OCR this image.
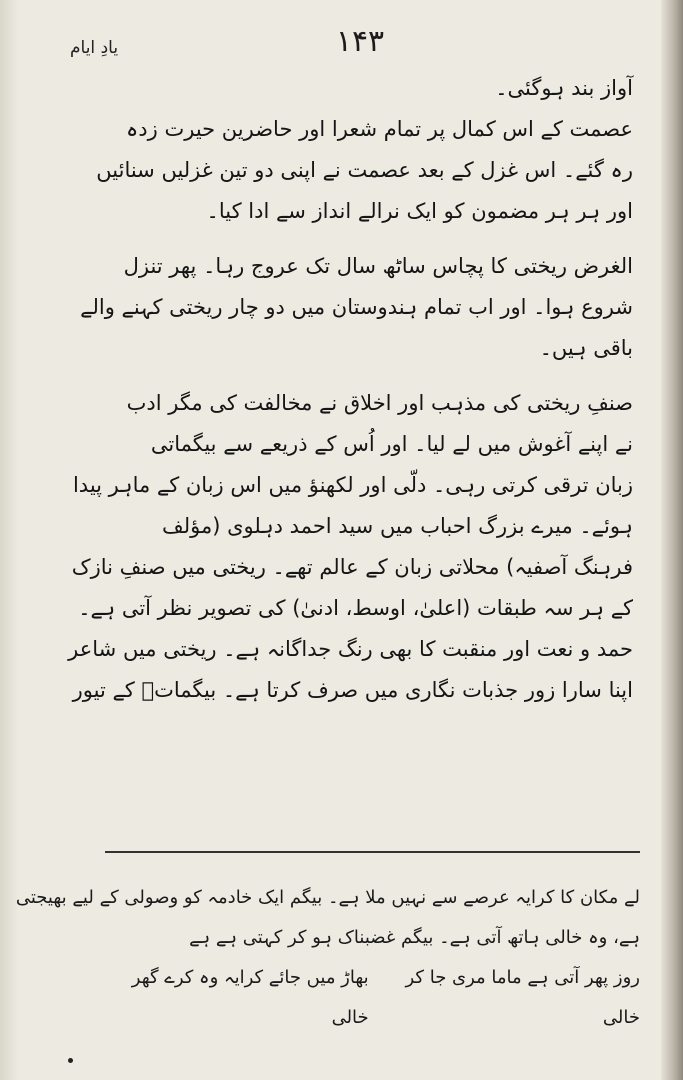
یادِ ایام	۱۴۳
آواز بند ہوگئی۔
عصمت کے اس کمال پر تمام شعرا اور حاضرین حیرت زدہ
رہ گئے۔ اس غزل کے بعد عصمت نے اپنی دو تین غزلیں سنائیں
اور ہر ہر مضمون کو ایک نرالے انداز سے ادا کیا۔
الغرض ریختی کا پچاس ساٹھ سال تک عروج رہا۔ پھر تنزل
شروع ہوا۔ اور اب تمام ہندوستان میں دو چار ریختی کہنے والے
باقی ہیں۔
صنفِ ریختی کی مذہب اور اخلاق نے مخالفت کی مگر ادب
نے اپنے آغوش میں لے لیا۔ اور اُس کے ذریعے سے بیگماتی
زبان ترقی کرتی رہی۔ دلّی اور لکھنؤ میں اس زبان کے ماہر پیدا
ہوئے۔ میرے بزرگ احباب میں سید احمد دہلوی (مؤلف
فرہنگ آصفیہ) محلاتی زبان کے عالم تھے۔ ریختی میں صنفِ نازک
کے ہر سہ طبقات (اعلیٰ، اوسط، ادنیٰ) کی تصویر نظر آتی ہے۔
حمد و نعت اور منقبت کا بھی رنگ جداگانہ ہے۔ ریختی میں شاعر
اپنا سارا زور جذبات نگاری میں صرف کرتا ہے۔ بیگماتؔ کے تیور
لے مکان کا کرایہ عرصے سے نہیں ملا ہے۔ بیگم ایک خادمہ کو وصولی کے لیے بھیجتی
ہے، وہ خالی ہاتھ آتی ہے۔ بیگم غضبناک ہو کر کہتی ہے ہے
روز پھر آتی ہے ماما مری جا کر خالی
بھاڑ میں جائے کرایہ وہ کرے گھر خالی
